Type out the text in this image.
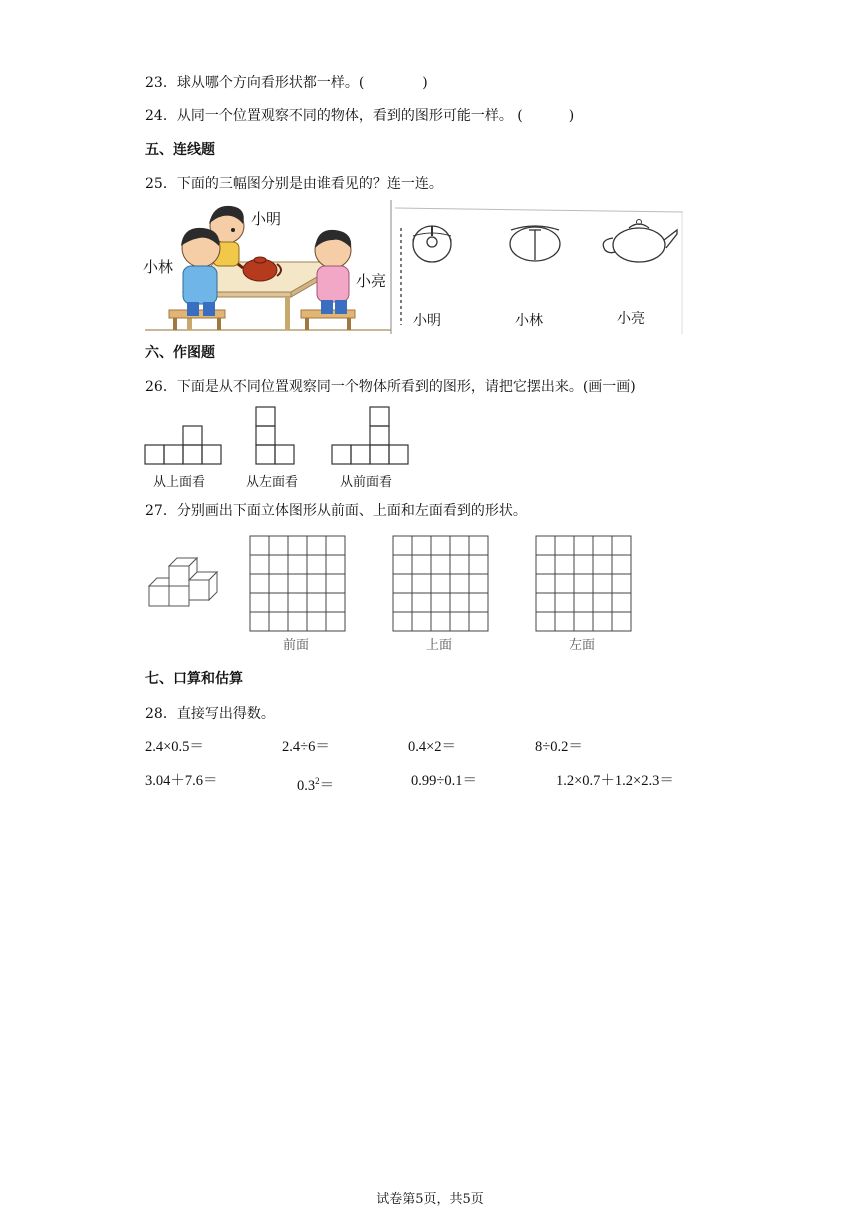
23．球从哪个方向看形状都一样。(	)
24．从同一个位置观察不同的物体，看到的图形可能一样。 (	)
五、连线题
25．下面的三幅图分别是由谁看见的？连一连。
小明
小林
小亮
小明	小林	小亮
六、作图题
26．下面是从不同位置观察同一个物体所看到的图形，请把它摆出来。(画一画)
从上面看	从左面看	从前面看
27．分别画出下面立体图形从前面、上面和左面看到的形状。
前面	上面	左面
七、口算和估算
28．直接写出得数。
2.4×0.5＝	2.4÷6＝	0.4×2＝	8÷0.2＝
3.04＋7.6＝	$0.3^2=$	0.99÷0.1＝	1.2×0.7＋1.2×2.3＝
试卷第5页，共5页
